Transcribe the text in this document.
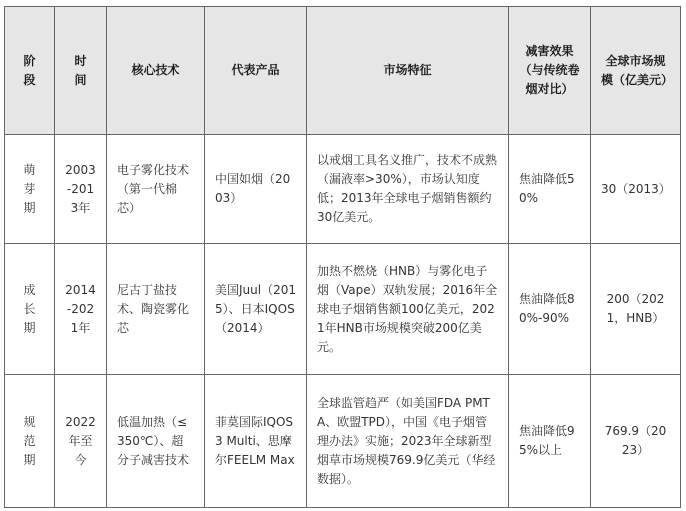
阶段	时间	核心技术	代表产品	市场特征	减害效果（与传统卷烟对比）	全球市场规模（亿美元）
萌芽期	2003-2013年	电子雾化技术（第一代棉芯）	中国如烟（2003）	以戒烟工具名义推广，技术不成熟（漏液率>30%），市场认知度低；2013年全球电子烟销售额约30亿美元。	焦油降低50%	30（2013）
成长期	2014-2021年	尼古丁盐技术、陶瓷雾化芯	美国Juul（2015）、日本IQOS（2014）	加热不燃烧（HNB）与雾化电子烟（Vape）双轨发展；2016年全球电子烟销售额100亿美元，2021年HNB市场规模突破200亿美元。	焦油降低80%-90%	200（2021，HNB）
规范期	2022年至今	低温加热（≤350℃）、超分子减害技术	菲莫国际IQOS 3 Multi、思摩尔FEELM Max	全球监管趋严（如美国FDA PMTA、欧盟TPD），中国《电子烟管理办法》实施；2023年全球新型烟草市场规模769.9亿美元（华经数据）。	焦油降低95%以上	769.9（2023）
